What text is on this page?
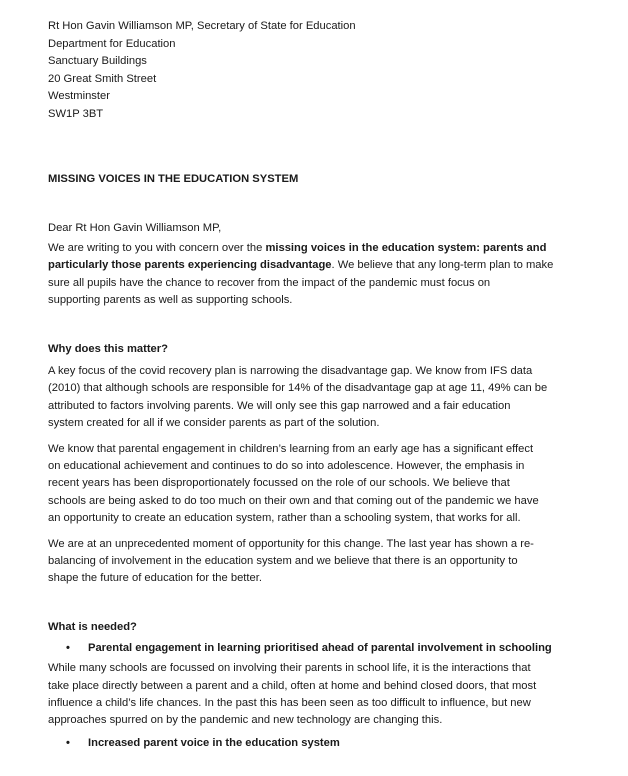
Rt Hon Gavin Williamson MP, Secretary of State for Education
Department for Education
Sanctuary Buildings
20 Great Smith Street
Westminster
SW1P 3BT
MISSING VOICES IN THE EDUCATION SYSTEM
Dear Rt Hon Gavin Williamson MP,
We are writing to you with concern over the missing voices in the education system: parents and
particularly those parents experiencing disadvantage. We believe that any long-term plan to make
sure all pupils have the chance to recover from the impact of the pandemic must focus on
supporting parents as well as supporting schools.
Why does this matter?
A key focus of the covid recovery plan is narrowing the disadvantage gap. We know from IFS data
(2010) that although schools are responsible for 14% of the disadvantage gap at age 11, 49% can be
attributed to factors involving parents. We will only see this gap narrowed and a fair education
system created for all if we consider parents as part of the solution.
We know that parental engagement in children’s learning from an early age has a significant effect
on educational achievement and continues to do so into adolescence. However, the emphasis in
recent years has been disproportionately focussed on the role of our schools. We believe that
schools are being asked to do too much on their own and that coming out of the pandemic we have
an opportunity to create an education system, rather than a schooling system, that works for all.
We are at an unprecedented moment of opportunity for this change. The last year has shown a re-
balancing of involvement in the education system and we believe that there is an opportunity to
shape the future of education for the better.
What is needed?
• Parental engagement in learning prioritised ahead of parental involvement in schooling
While many schools are focussed on involving their parents in school life, it is the interactions that
take place directly between a parent and a child, often at home and behind closed doors, that most
influence a child’s life chances. In the past this has been seen as too difficult to influence, but new
approaches spurred on by the pandemic and new technology are changing this.
• Increased parent voice in the education system
